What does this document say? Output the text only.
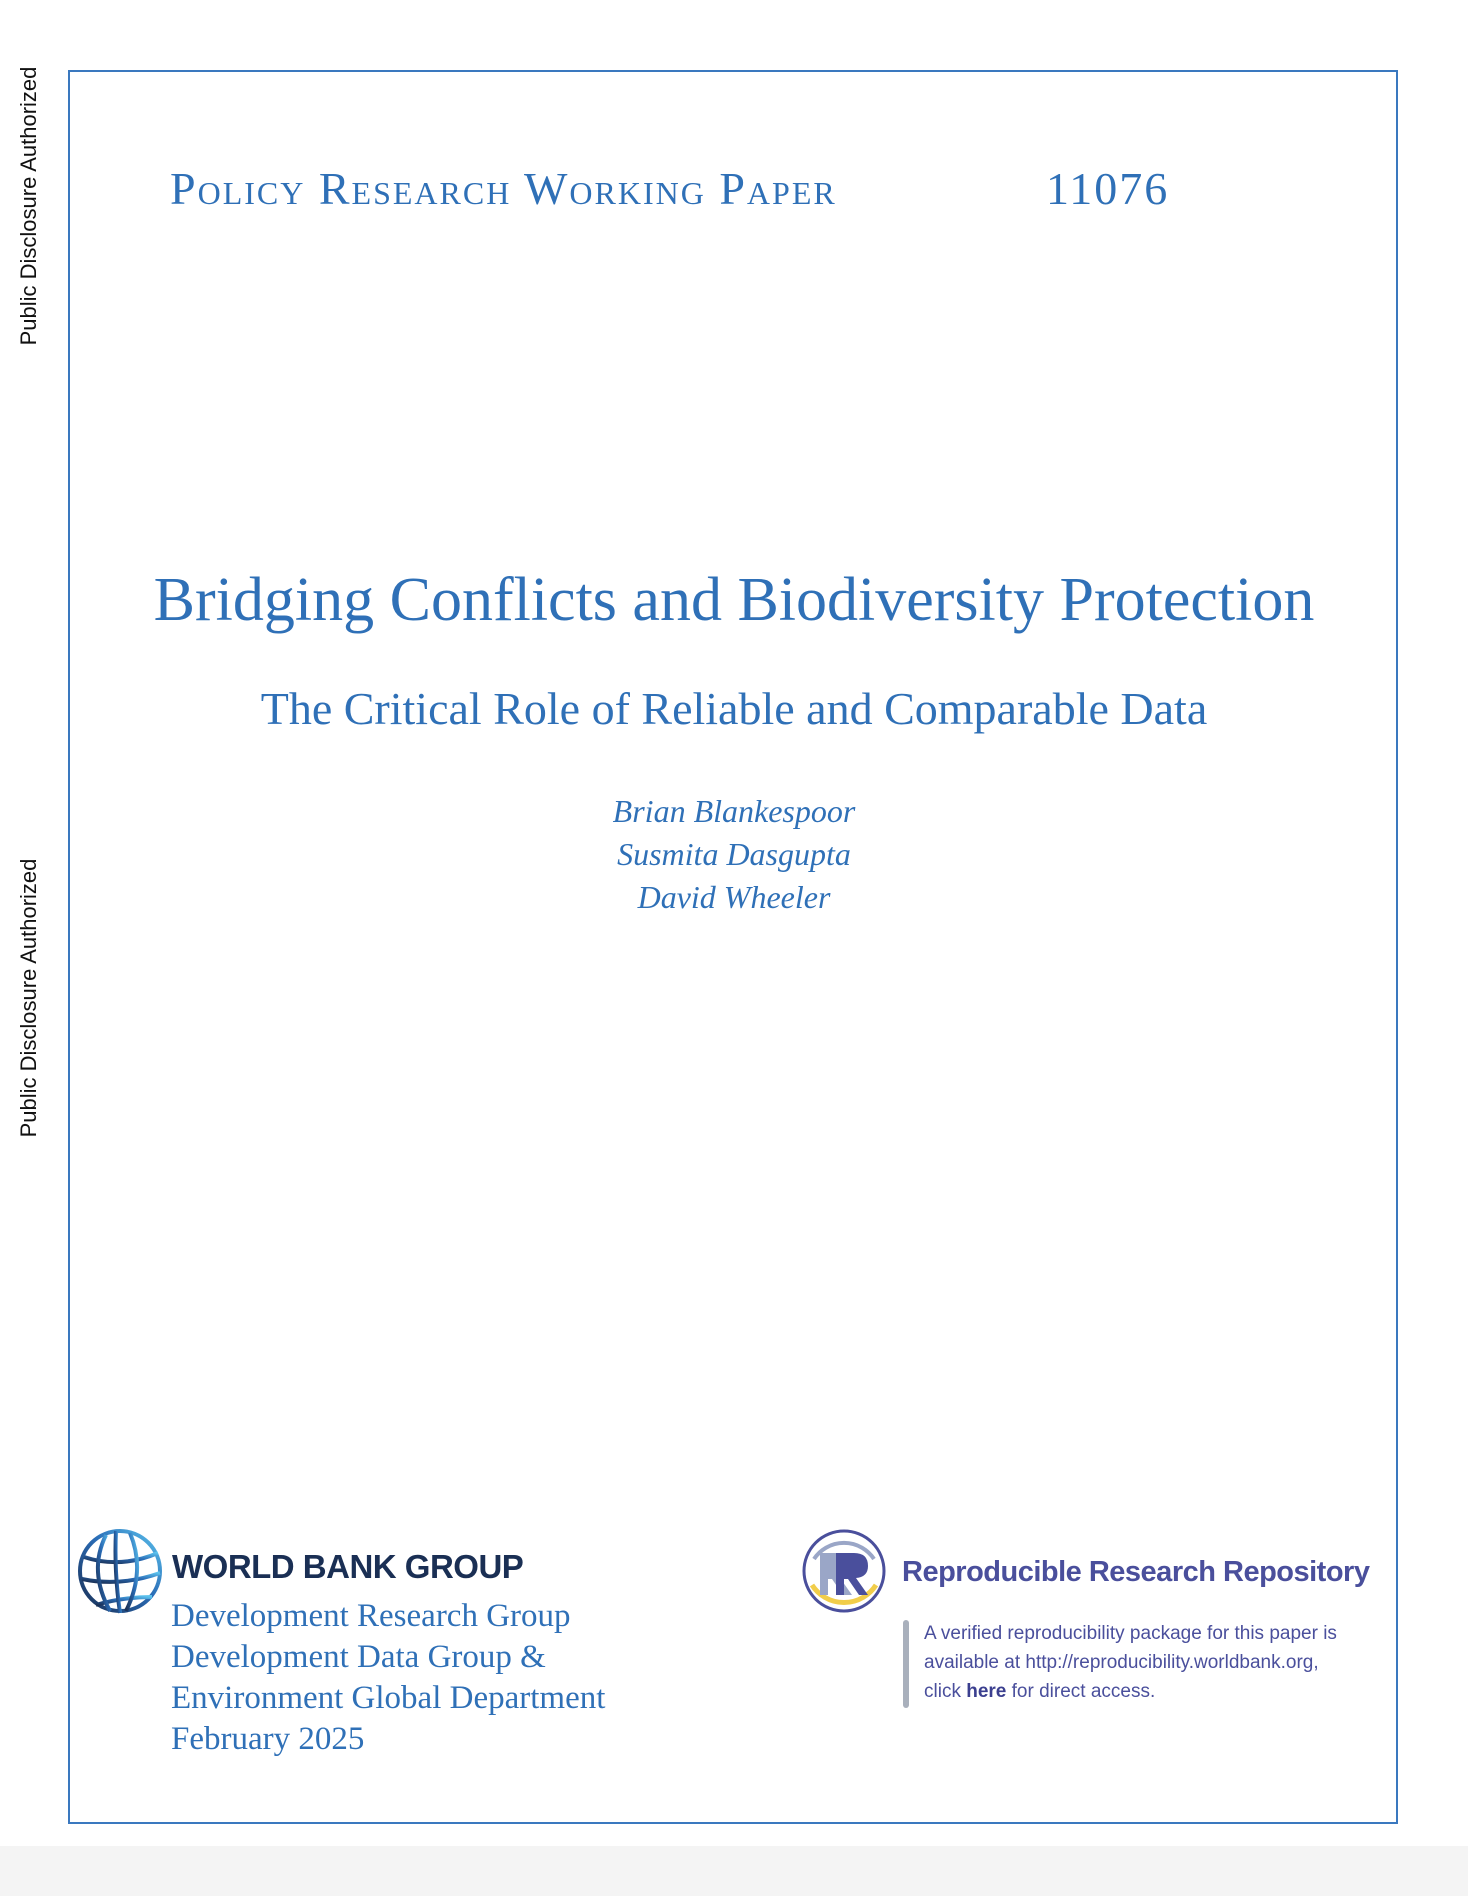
Public Disclosure Authorized
Public Disclosure Authorized
Policy Research Working Paper	11076
Bridging Conflicts and Biodiversity Protection
The Critical Role of Reliable and Comparable Data
Brian Blankespoor
Susmita Dasgupta
David Wheeler
WORLD BANK GROUP
Development Research Group
Development Data Group &
Environment Global Department
February 2025
Reproducible Research Repository
A verified reproducibility package for this paper is
available at http://reproducibility.worldbank.org,
click here for direct access.
